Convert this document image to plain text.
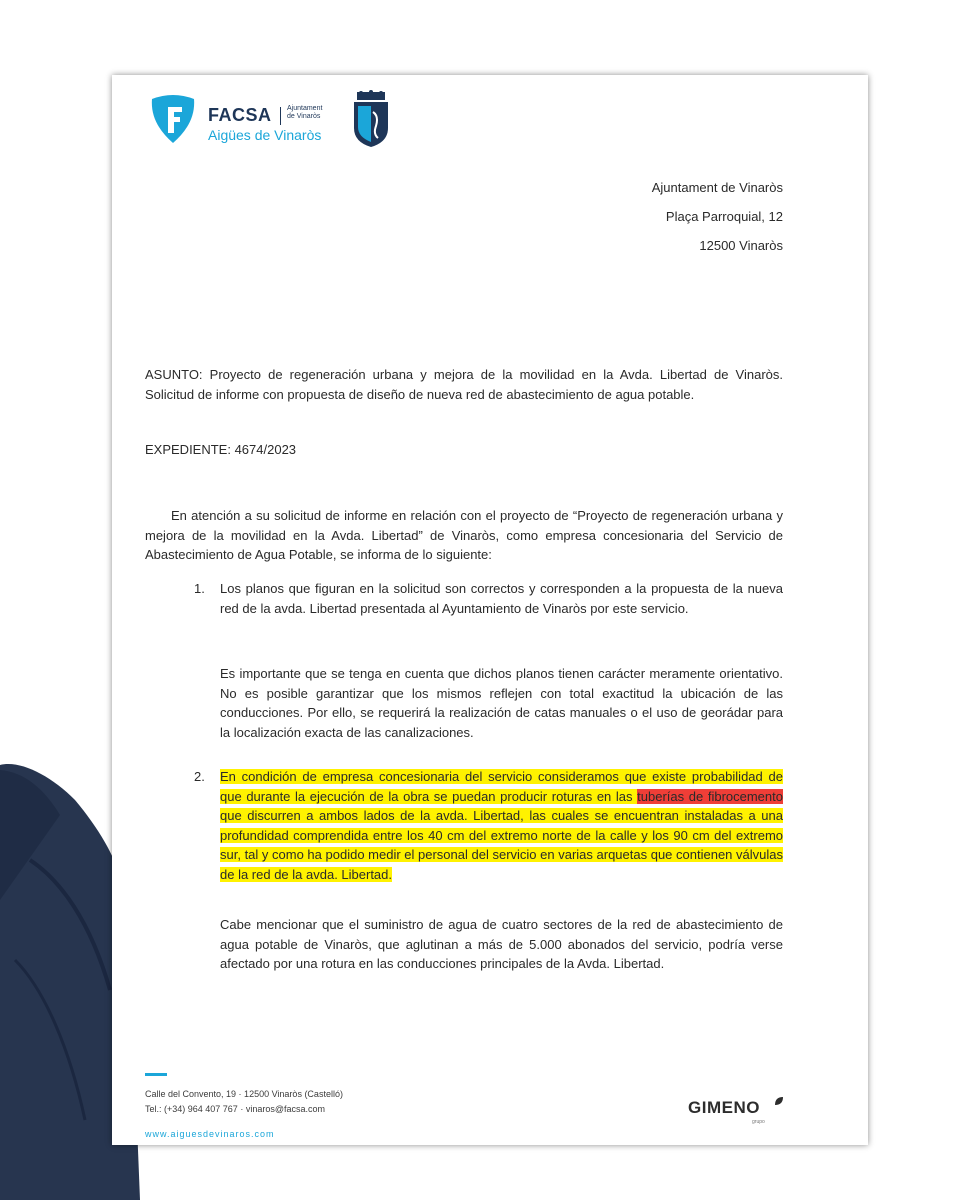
FACSA Ajuntament de Vinaròs
Aigües de Vinaròs
Ajuntament de Vinaròs
Plaça Parroquial, 12
12500 Vinaròs
ASUNTO: Proyecto de regeneración urbana y mejora de la movilidad en la Avda. Libertad de Vinaròs. Solicitud de informe con propuesta de diseño de nueva red de abastecimiento de agua potable.
EXPEDIENTE: 4674/2023
En atención a su solicitud de informe en relación con el proyecto de “Proyecto de regeneración urbana y mejora de la movilidad en la Avda. Libertad” de Vinaròs, como empresa concesionaria del Servicio de Abastecimiento de Agua Potable, se informa de lo siguiente:
1. Los planos que figuran en la solicitud son correctos y corresponden a la propuesta de la nueva red de la avda. Libertad presentada al Ayuntamiento de Vinaròs por este servicio.
Es importante que se tenga en cuenta que dichos planos tienen carácter meramente orientativo. No es posible garantizar que los mismos reflejen con total exactitud la ubicación de las conducciones. Por ello, se requerirá la realización de catas manuales o el uso de georádar para la localización exacta de las canalizaciones.
2. En condición de empresa concesionaria del servicio consideramos que existe probabilidad de que durante la ejecución de la obra se puedan producir roturas en las tuberías de fibrocemento que discurren a ambos lados de la avda. Libertad, las cuales se encuentran instaladas a una profundidad comprendida entre los 40 cm del extremo norte de la calle y los 90 cm del extremo sur, tal y como ha podido medir el personal del servicio en varias arquetas que contienen válvulas de la red de la avda. Libertad.
Cabe mencionar que el suministro de agua de cuatro sectores de la red de abastecimiento de agua potable de Vinaròs, que aglutinan a más de 5.000 abonados del servicio, podría verse afectado por una rotura en las conducciones principales de la Avda. Libertad.
Calle del Convento, 19 · 12500 Vinaròs (Castelló)
Tel.: (+34) 964 407 767 · vinaros@facsa.com
www.aiguesdevinaros.com
GIMENO
grupo
